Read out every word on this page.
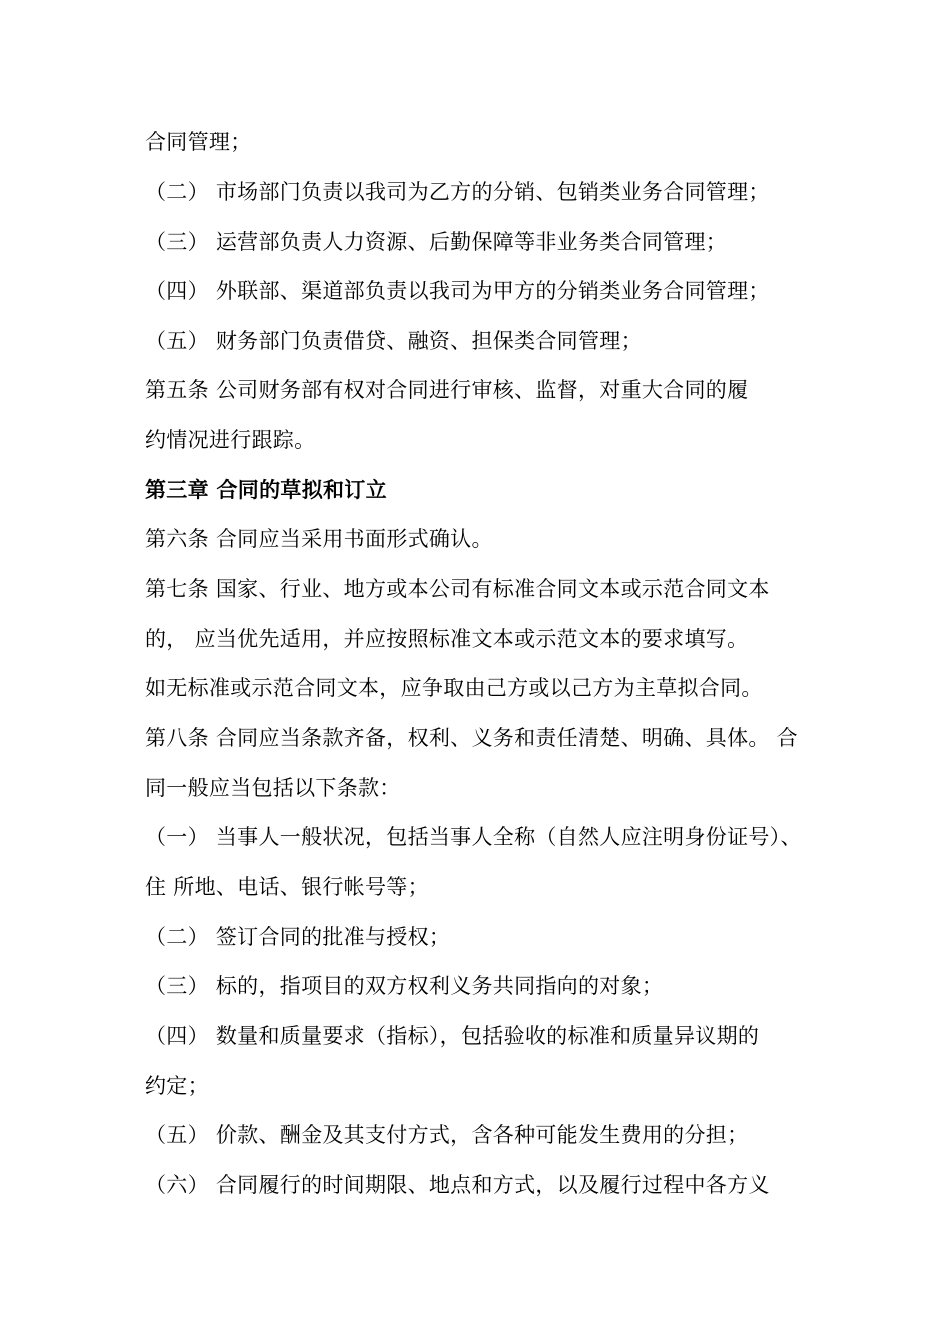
合同管理；
（二） 市场部门负责以我司为乙方的分销、包销类业务合同管理；
（三） 运营部负责人力资源、后勤保障等非业务类合同管理；
（四） 外联部、渠道部负责以我司为甲方的分销类业务合同管理；
（五） 财务部门负责借贷、融资、担保类合同管理；
第五条 公司财务部有权对合同进行审核、监督，对重大合同的履
约情况进行跟踪。
第三章 合同的草拟和订立
第六条 合同应当采用书面形式确认。
第七条 国家、行业、地方或本公司有标准合同文本或示范合同文本
的， 应当优先适用，并应按照标准文本或示范文本的要求填写。
如无标准或示范合同文本，应争取由己方或以己方为主草拟合同。
第八条 合同应当条款齐备，权利、义务和责任清楚、明确、具体。 合
同一般应当包括以下条款：
（一） 当事人一般状况，包括当事人全称（自然人应注明身份证号）、
住 所地、电话、银行帐号等；
（二） 签订合同的批准与授权；
（三） 标的，指项目的双方权利义务共同指向的对象；
（四） 数量和质量要求（指标），包括验收的标准和质量异议期的
约定；
（五） 价款、酬金及其支付方式，含各种可能发生费用的分担；
（六） 合同履行的时间期限、地点和方式，以及履行过程中各方义
